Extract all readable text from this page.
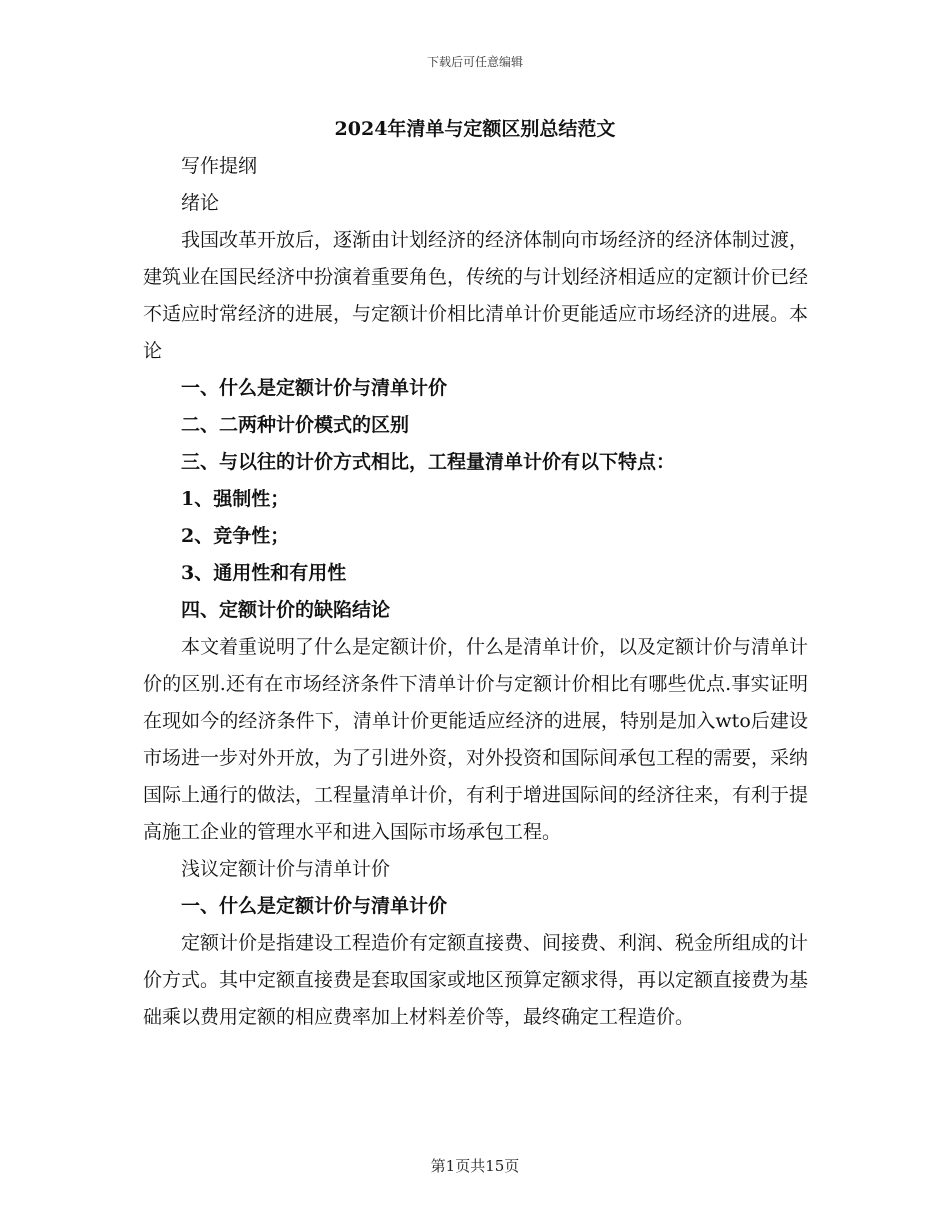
下载后可任意编辑
2024年清单与定额区别总结范文

写作提纲

绪论

我国改革开放后，逐渐由计划经济的经济体制向市场经济的经济体制过渡，建筑业在国民经济中扮演着重要角色，传统的与计划经济相适应的定额计价已经不适应时常经济的进展，与定额计价相比清单计价更能适应市场经济的进展。本论

一、什么是定额计价与清单计价

二、二两种计价模式的区别

三、与以往的计价方式相比，工程量清单计价有以下特点：

1、强制性；

2、竞争性；

3、通用性和有用性

四、定额计价的缺陷结论

本文着重说明了什么是定额计价，什么是清单计价，以及定额计价与清单计价的区别.还有在市场经济条件下清单计价与定额计价相比有哪些优点.事实证明在现如今的经济条件下，清单计价更能适应经济的进展，特别是加入wto后建设市场进一步对外开放，为了引进外资，对外投资和国际间承包工程的需要，采纳国际上通行的做法，工程量清单计价，有利于增进国际间的经济往来，有利于提高施工企业的管理水平和进入国际市场承包工程。

浅议定额计价与清单计价

一、什么是定额计价与清单计价

定额计价是指建设工程造价有定额直接费、间接费、利润、税金所组成的计价方式。其中定额直接费是套取国家或地区预算定额求得，再以定额直接费为基础乘以费用定额的相应费率加上材料差价等，最终确定工程造价。

第1页共15页
